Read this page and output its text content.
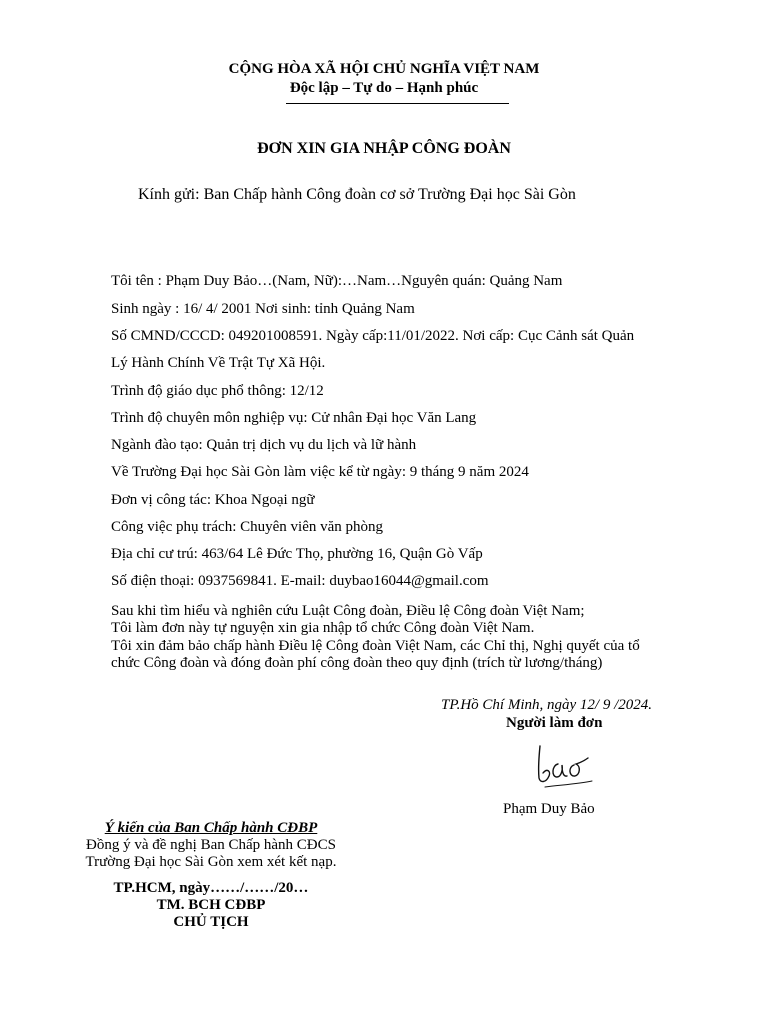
CỘNG HÒA XÃ HỘI CHỦ NGHĨA VIỆT NAM
Độc lập – Tự do – Hạnh phúc
ĐƠN XIN GIA NHẬP CÔNG ĐOÀN
Kính gửi: Ban Chấp hành Công đoàn cơ sở Trường Đại học Sài Gòn
Tôi tên : Phạm Duy Bảo…(Nam, Nữ):…Nam…Nguyên quán: Quảng Nam
Sinh ngày : 16/ 4/ 2001 Nơi sinh: tỉnh Quảng Nam
Số CMND/CCCD: 049201008591. Ngày cấp:11/01/2022. Nơi cấp: Cục Cảnh sát Quản
Lý Hành Chính Về Trật Tự Xã Hội.
Trình độ giáo dục phổ thông: 12/12
Trình độ chuyên môn nghiệp vụ: Cử nhân Đại học Văn Lang
Ngành đào tạo: Quản trị dịch vụ du lịch và lữ hành
Về Trường Đại học Sài Gòn làm việc kể từ ngày: 9 tháng 9 năm 2024
Đơn vị công tác: Khoa Ngoại ngữ
Công việc phụ trách: Chuyên viên văn phòng
Địa chỉ cư trú: 463/64 Lê Đức Thọ, phường 16, Quận Gò Vấp
Số điện thoại: 0937569841. E-mail: duybao16044@gmail.com
Sau khi tìm hiểu và nghiên cứu Luật Công đoàn, Điều lệ Công đoàn Việt Nam;
Tôi làm đơn này tự nguyện xin gia nhập tổ chức Công đoàn Việt Nam.
Tôi xin đảm bảo chấp hành Điều lệ Công đoàn Việt Nam, các Chỉ thị, Nghị quyết của tổ
chức Công đoàn và đóng đoàn phí công đoàn theo quy định (trích từ lương/tháng)
TP.Hồ Chí Minh, ngày 12/ 9 /2024.
Người làm đơn
Phạm Duy Bảo
Ý kiến của Ban Chấp hành CĐBP
Đồng ý và đề nghị Ban Chấp hành CĐCS
Trường Đại học Sài Gòn xem xét kết nạp.
TP.HCM, ngày……/……/20…
TM. BCH CĐBP
CHỦ TỊCH
